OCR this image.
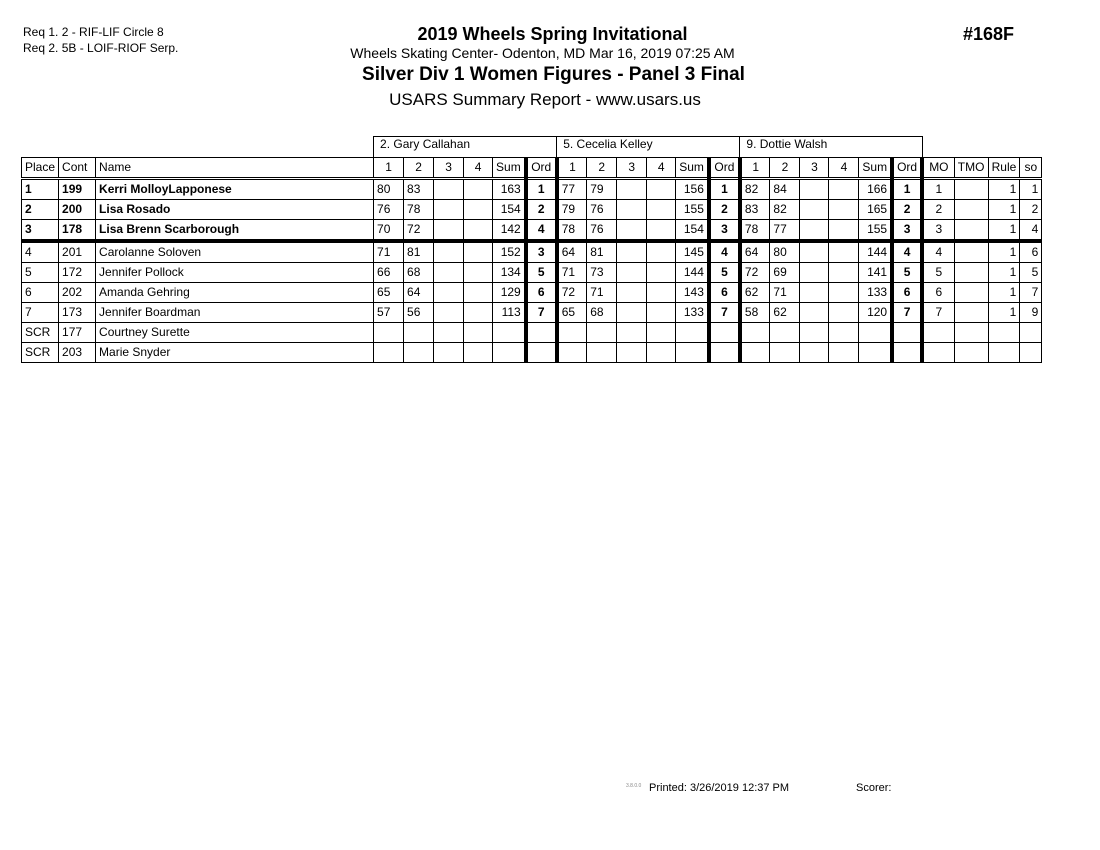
Req 1. 2 - RIF-LIF Circle 8
Req 2. 5B - LOIF-RIOF Serp.
2019 Wheels Spring Invitational
Wheels Skating Center- Odenton, MD Mar 16, 2019 07:25 AM
Silver Div 1 Women Figures - Panel 3 Final
USARS Summary Report - www.usars.us
#168F
			2. Gary Callahan						5. Cecelia Kelley						9. Dottie Walsh									
Place	Cont	Name	1	2	3	4	Sum	Ord	1	2	3	4	Sum	Ord	1	2	3	4	Sum	Ord	MO	TMO	Rule	so
1	199	Kerri MolloyLapponese	80	83			163	1	77	79			156	1	82	84			166	1	1		1	1
2	200	Lisa Rosado	76	78			154	2	79	76			155	2	83	82			165	2	2		1	2
3	178	Lisa Brenn Scarborough	70	72			142	4	78	76			154	3	78	77			155	3	3		1	4
4	201	Carolanne Soloven	71	81			152	3	64	81			145	4	64	80			144	4	4		1	6
5	172	Jennifer Pollock	66	68			134	5	71	73			144	5	72	69			141	5	5		1	5
6	202	Amanda Gehring	65	64			129	6	72	71			143	6	62	71			133	6	6		1	7
7	173	Jennifer Boardman	57	56			113	7	65	68			133	7	58	62			120	7	7		1	9
SCR	177	Courtney Surette																						
SCR	203	Marie Snyder																						
3.8.0.0 Printed: 3/26/2019 12:37 PM	Scorer:
